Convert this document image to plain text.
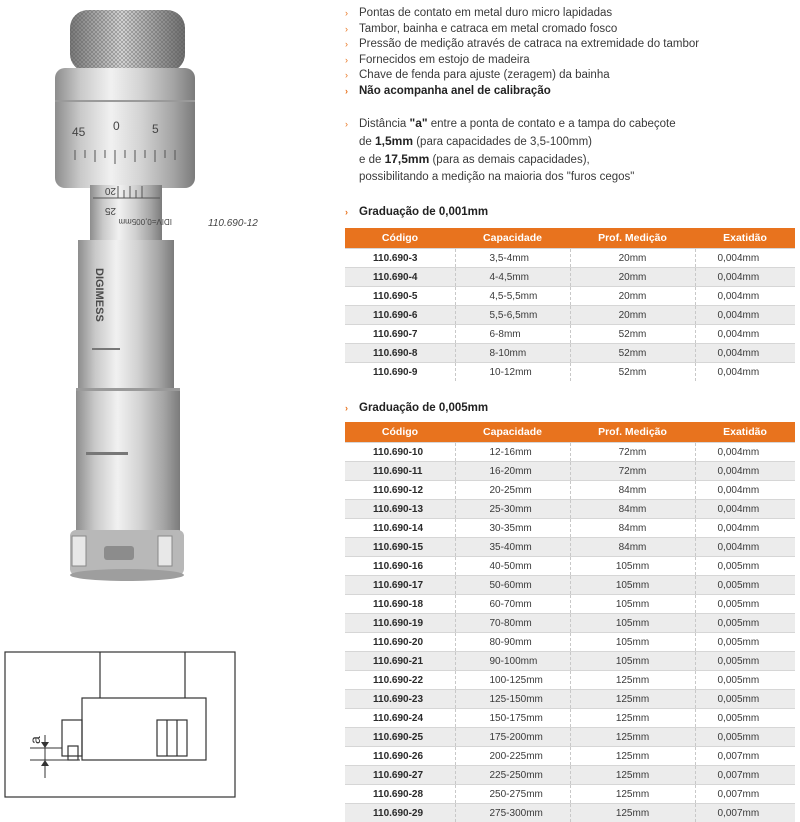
45 0	5
20
25
IDIV=0,005mm
DIGIMESS
110.690-12
› Pontas de contato em metal duro micro lapidadas
› Tambor, bainha e catraca em metal cromado fosco
› Pressão de medição através de catraca na extremidade do tambor
› Fornecidos em estojo de madeira
› Chave de fenda para ajuste (zeragem) da bainha
› Não acompanha anel de calibração
› Distância "a" entre a ponta de contato e a tampa do cabeçote
de 1,5mm (para capacidades de 3,5-100mm)
e de 17,5mm (para as demais capacidades),
possibilitando a medição na maioria dos "furos cegos"
› Graduação de 0,001mm
Código	Capacidade	Prof. Medição	Exatidão
110.690-3	3,5-4mm	20mm	0,004mm
110.690-4	4-4,5mm	20mm	0,004mm
110.690-5	4,5-5,5mm	20mm	0,004mm
110.690-6	5,5-6,5mm	20mm	0,004mm
110.690-7	6-8mm	52mm	0,004mm
110.690-8	8-10mm	52mm	0,004mm
110.690-9	10-12mm	52mm	0,004mm
› Graduação de 0,005mm
Código	Capacidade	Prof. Medição	Exatidão
110.690-10	12-16mm	72mm	0,004mm
110.690-11	16-20mm	72mm	0,004mm
110.690-12	20-25mm	84mm	0,004mm
110.690-13	25-30mm	84mm	0,004mm
110.690-14	30-35mm	84mm	0,004mm
110.690-15	35-40mm	84mm	0,004mm
110.690-16	40-50mm	105mm	0,005mm
110.690-17	50-60mm	105mm	0,005mm
110.690-18	60-70mm	105mm	0,005mm
110.690-19	70-80mm	105mm	0,005mm
110.690-20	80-90mm	105mm	0,005mm
110.690-21	90-100mm	105mm	0,005mm
110.690-22	100-125mm	125mm	0,005mm
110.690-23	125-150mm	125mm	0,005mm
110.690-24	150-175mm	125mm	0,005mm
110.690-25	175-200mm	125mm	0,005mm
110.690-26	200-225mm	125mm	0,007mm
110.690-27	225-250mm	125mm	0,007mm
110.690-28	250-275mm	125mm	0,007mm
110.690-29	275-300mm	125mm	0,007mm
a
